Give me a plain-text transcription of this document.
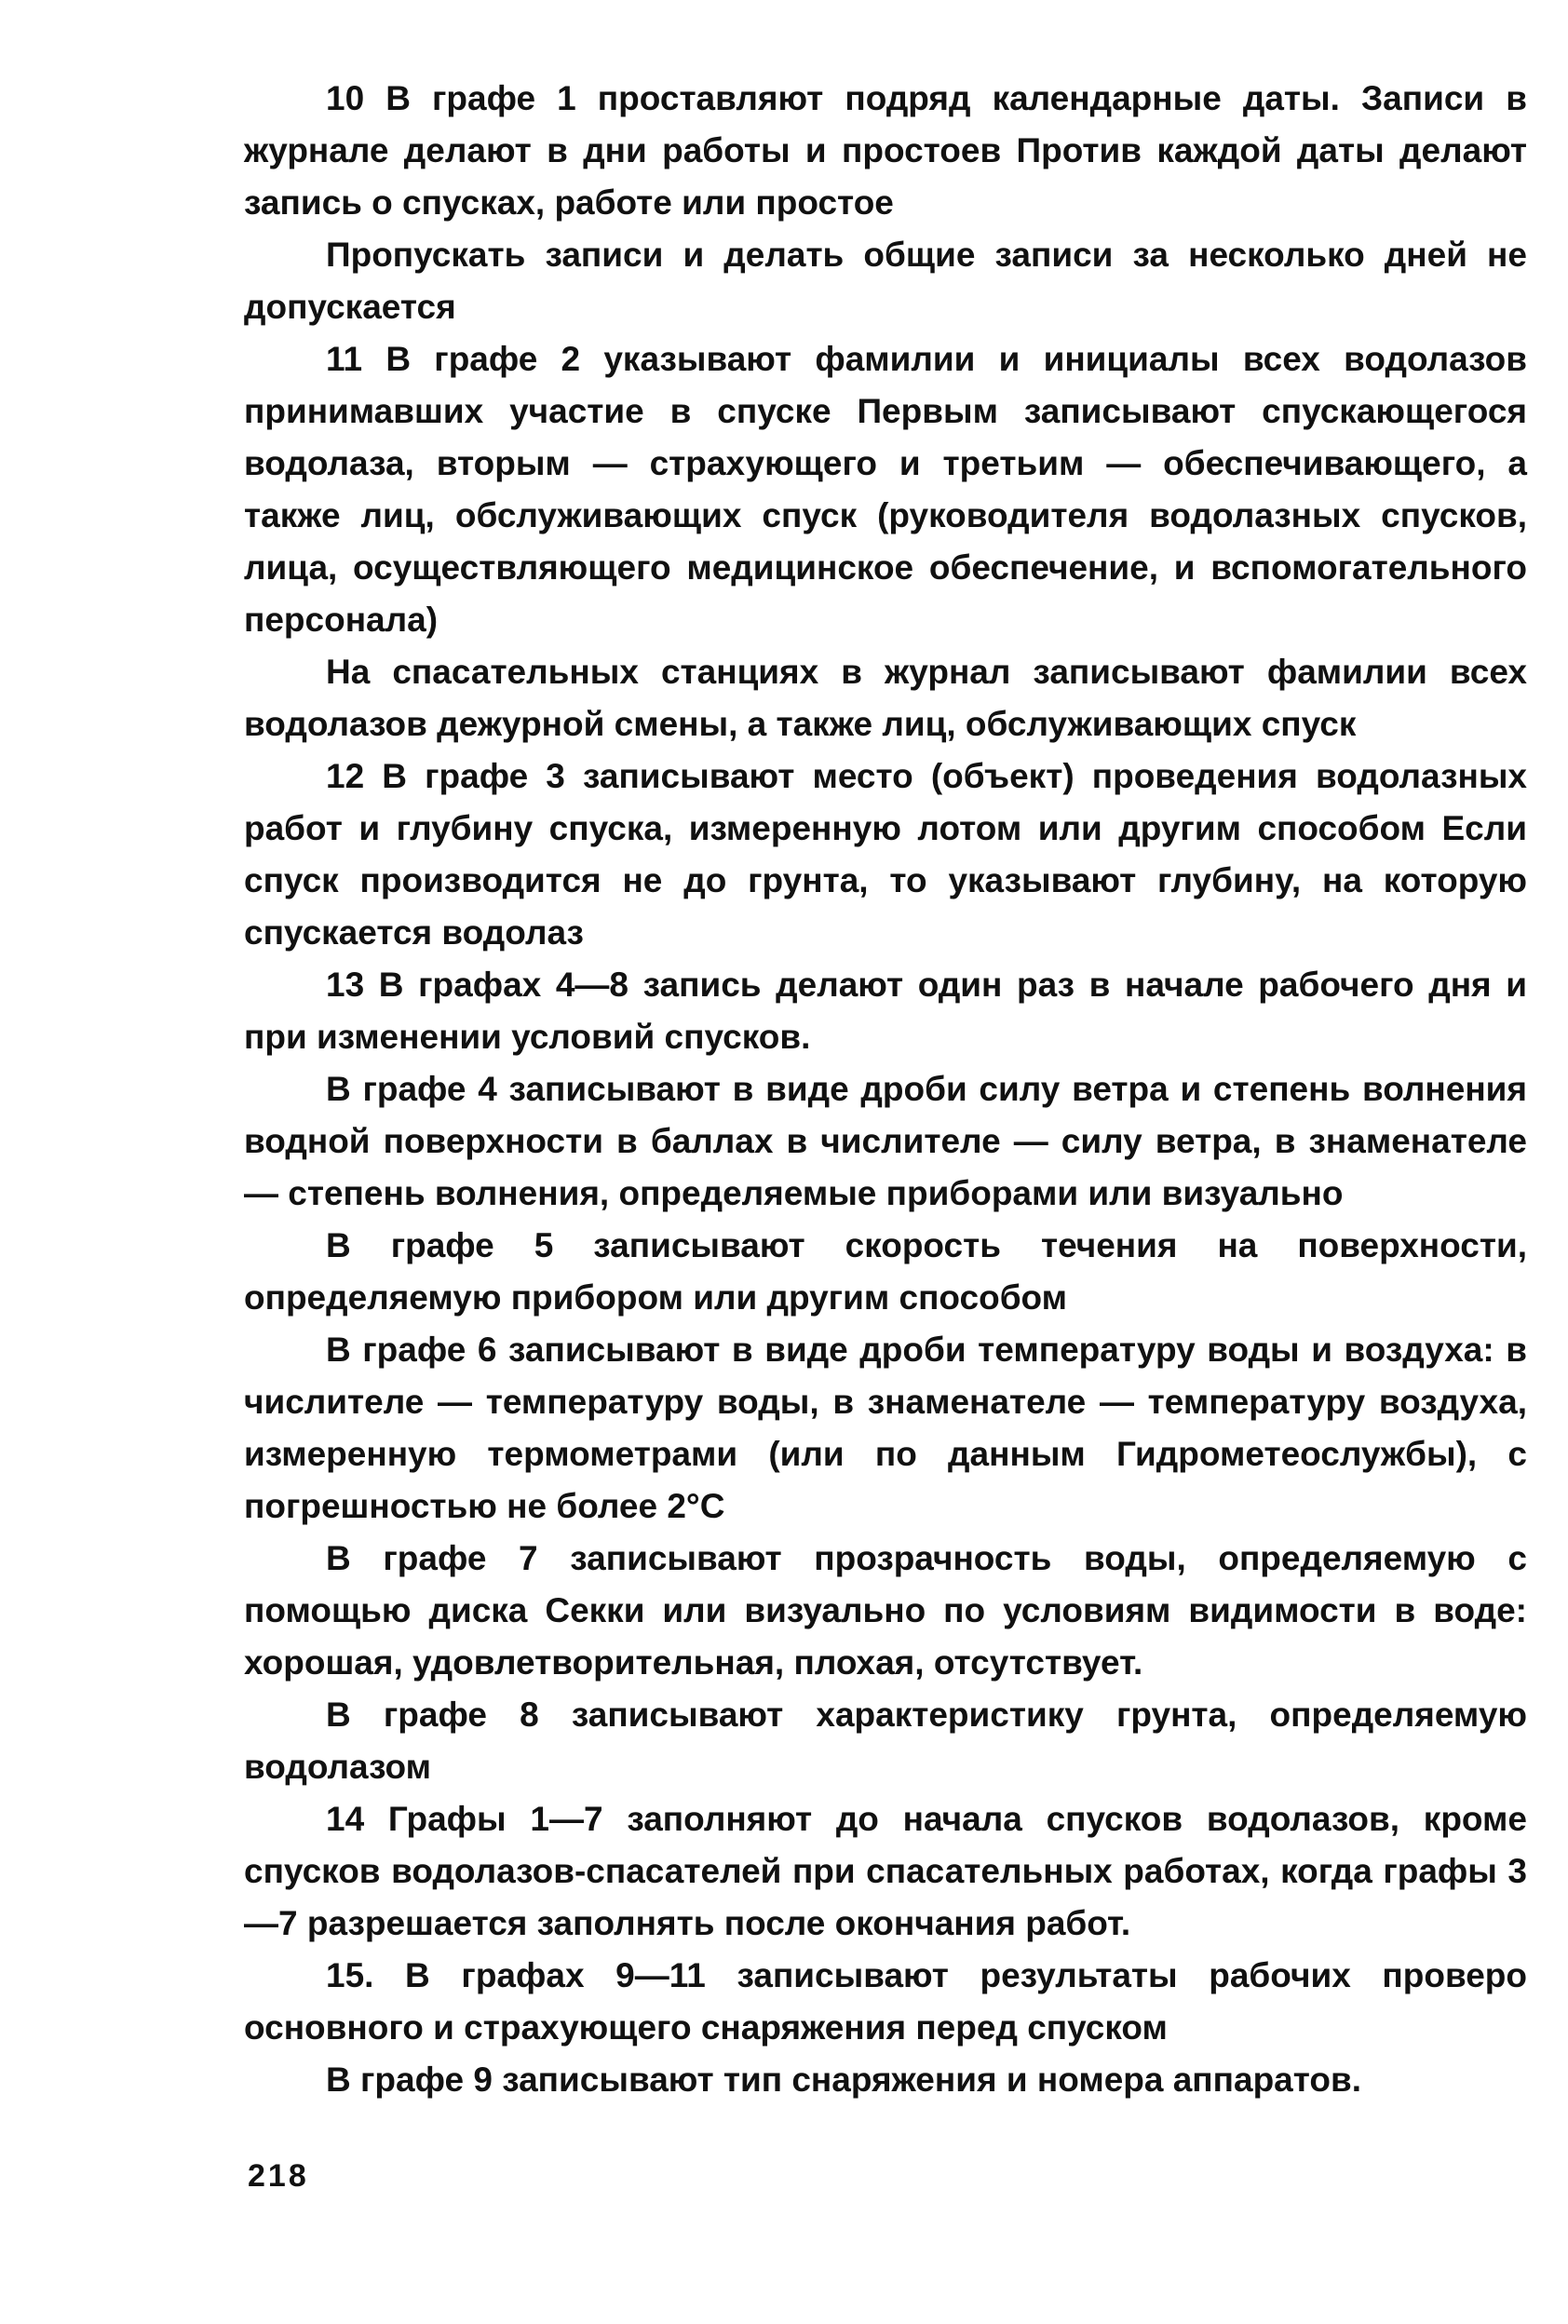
10 В графе 1 проставляют подряд календарные даты. Записи в журнале делают в дни работы и простоев Против каждой даты делают запись о спусках, работе или простое

Пропускать записи и делать общие записи за несколько дней не допускается

11 В графе 2 указывают фамилии и инициалы всех водолазов принимавших участие в спуске Первым записывают спускающегося водолаза, вторым — страхующего и третьим — обеспечивающего, а также лиц, обслуживающих спуск (руководителя водолазных спусков, лица, осуществляющего медицинское обеспечение, и вспомогательного персонала)

На спасательных станциях в журнал записывают фамилии всех водолазов дежурной смены, а также лиц, обслуживающих спуск

12 В графе 3 записывают место (объект) проведения водолазных работ и глубину спуска, измеренную лотом или другим способом Если спуск производится не до грунта, то указывают глубину, на которую спускается водолаз

13 В графах 4—8 запись делают один раз в начале рабочего дня и при изменении условий спусков.

В графе 4 записывают в виде дроби силу ветра и степень волнения водной поверхности в баллах в числителе — силу ветра, в знаменателе — степень волнения, определяемые приборами или визуально

В графе 5 записывают скорость течения на поверхности, определяемую прибором или другим способом

В графе 6 записывают в виде дроби температуру воды и воздуха: в числителе — температуру воды, в знаменателе — температуру воздуха, измеренную термометрами (или по данным Гидрометеослужбы), с погрешностью не более 2°С

В графе 7 записывают прозрачность воды, определяемую с помощью диска Секки или визуально по условиям видимости в воде: хорошая, удовлетворительная, плохая, отсутствует.

В графе 8 записывают характеристику грунта, определяемую водолазом

14 Графы 1—7 заполняют до начала спусков водолазов, кроме спусков водолазов-спасателей при спасательных работах, когда графы 3—7 разрешается заполнять после окончания работ.

15. В графах 9—11 записывают результаты рабочих проверо основного и страхующего снаряжения перед спуском

В графе 9 записывают тип снаряжения и номера аппаратов.

218
